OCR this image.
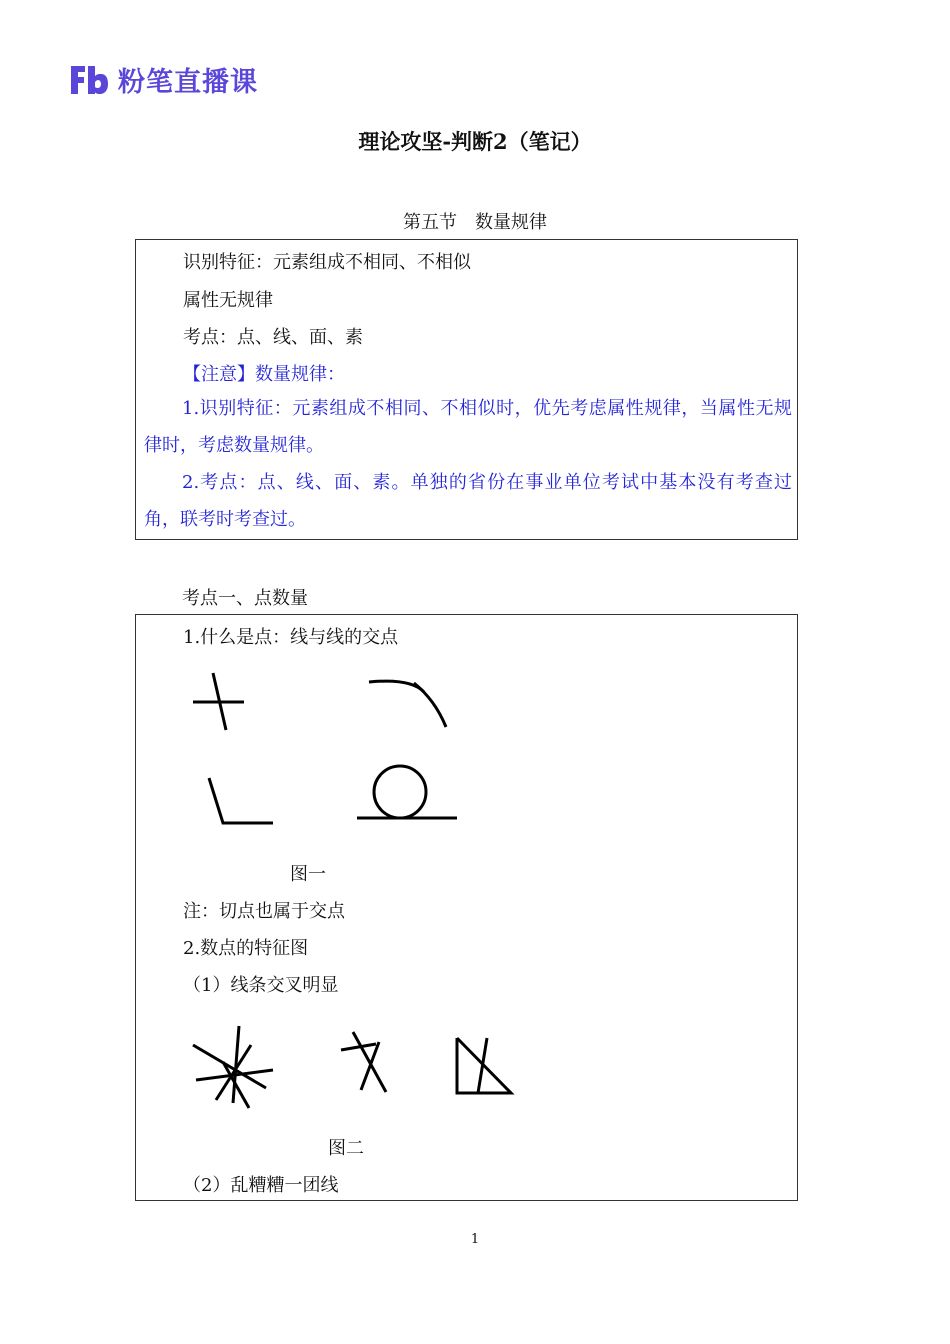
粉笔直播课
理论攻坚-判断2（笔记）
第五节　数量规律
识别特征：元素组成不相同、不相似
属性无规律
考点：点、线、面、素
【注意】数量规律：
1.识别特征：元素组成不相同、不相似时，优先考虑属性规律，当属性无规律时，考虑数量规律。
2.考点：点、线、面、素。单独的省份在事业单位考试中基本没有考查过角，联考时考查过。
考点一、点数量
1.什么是点：线与线的交点
图一
注：切点也属于交点
2.数点的特征图
（1）线条交叉明显
图二
（2）乱糟糟一团线
1
